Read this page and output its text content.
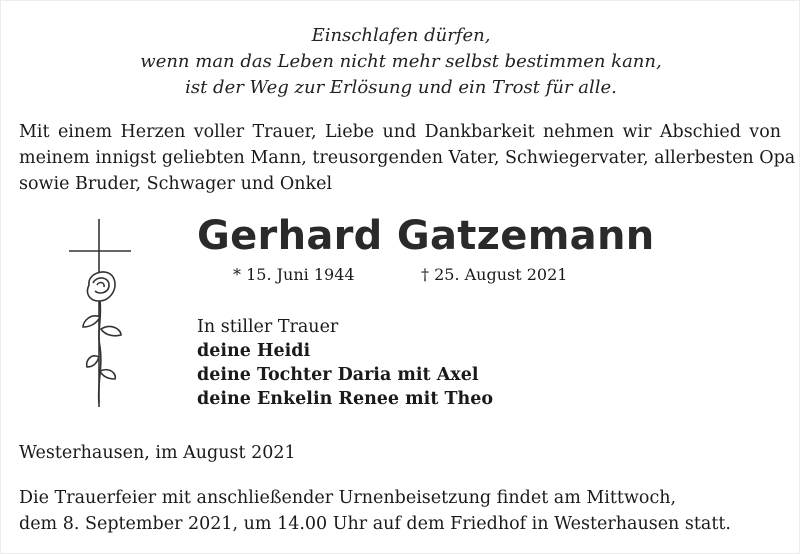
Einschlafen dürfen,
wenn man das Leben nicht mehr selbst bestimmen kann,
ist der Weg zur Erlösung und ein Trost für alle.
Mit einem Herzen voller Trauer, Liebe und Dankbarkeit nehmen wir Abschied von
meinem innigst geliebten Mann, treusorgenden Vater, Schwiegervater, allerbesten Opa
sowie Bruder, Schwager und Onkel
Gerhard Gatzemann
* 15. Juni 1944	† 25. August 2021
In stiller Trauer
deine Heidi
deine Tochter Daria mit Axel
deine Enkelin Renee mit Theo
Westerhausen, im August 2021
Die Trauerfeier mit anschließender Urnenbeisetzung findet am Mittwoch,
dem 8. September 2021, um 14.00 Uhr auf dem Friedhof in Westerhausen statt.
